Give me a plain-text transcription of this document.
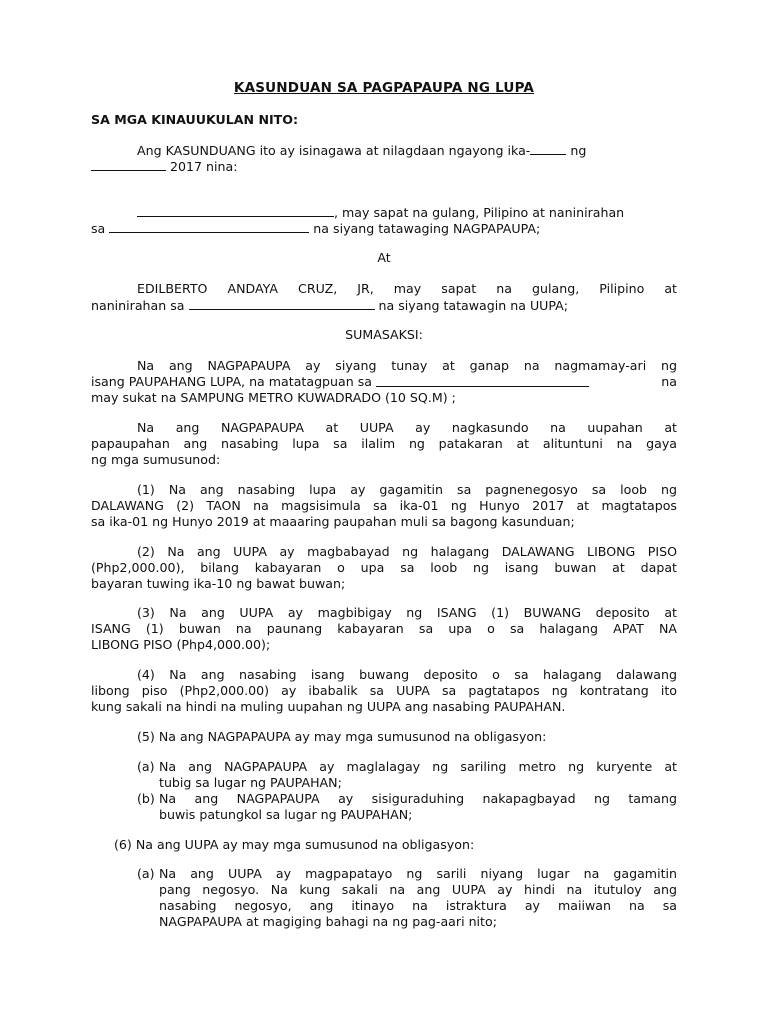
KASUNDUAN SA PAGPAPAUPA NG LUPA
SA MGA KINAUUKULAN NITO:
Ang KASUNDUANG ito ay isinagawa at nilagdaan ngayong ika-	ng
2017 nina:
, may sapat na gulang, Pilipino at naninirahan
sa	na siyang tatawaging NAGPAPAUPA;
At
EDILBERTO ANDAYA CRUZ, JR, may sapat na gulang, Pilipino at
naninirahan sa	na siyang tatawagin na UUPA;
SUMASAKSI:
Na ang NAGPAPAUPA ay siyang tunay at ganap na nagmamay-ari ng
isang PAUPAHANG LUPA, na matatagpuan sa	na
may sukat na SAMPUNG METRO KUWADRADO (10 SQ.M) ;
Na ang NAGPAPAUPA at UUPA ay nagkasundo na uupahan at
papaupahan ang nasabing lupa sa ilalim ng patakaran at alituntuni na gaya
ng mga sumusunod:
(1) Na ang nasabing lupa ay gagamitin sa pagnenegosyo sa loob ng
DALAWANG (2) TAON na magsisimula sa ika-01 ng Hunyo 2017 at magtatapos
sa ika-01 ng Hunyo 2019 at maaaring paupahan muli sa bagong kasunduan;
(2) Na ang UUPA ay magbabayad ng halagang DALAWANG LIBONG PISO
(Php2,000.00), bilang kabayaran o upa sa loob ng isang buwan at dapat
bayaran tuwing ika-10 ng bawat buwan;
(3) Na ang UUPA ay magbibigay ng ISANG (1) BUWANG deposito at
ISANG (1) buwan na paunang kabayaran sa upa o sa halagang APAT NA
LIBONG PISO (Php4,000.00);
(4) Na ang nasabing isang buwang deposito o sa halagang dalawang
libong piso (Php2,000.00) ay ibabalik sa UUPA sa pagtatapos ng kontratang ito
kung sakali na hindi na muling uupahan ng UUPA ang nasabing PAUPAHAN.
(5) Na ang NAGPAPAUPA ay may mga sumusunod na obligasyon:
(a) Na ang NAGPAPAUPA ay maglalagay ng sariling metro ng kuryente at
tubig sa lugar ng PAUPAHAN;
(b) Na ang NAGPAPAUPA ay sisiguraduhing nakapagbayad ng tamang
buwis patungkol sa lugar ng PAUPAHAN;
(6) Na ang UUPA ay may mga sumusunod na obligasyon:
(a) Na ang UUPA ay magpapatayo ng sarili niyang lugar na gagamitin
pang negosyo. Na kung sakali na ang UUPA ay hindi na itutuloy ang
nasabing negosyo, ang itinayo na istraktura ay maiiwan na sa
NAGPAPAUPA at magiging bahagi na ng pag-aari nito;
